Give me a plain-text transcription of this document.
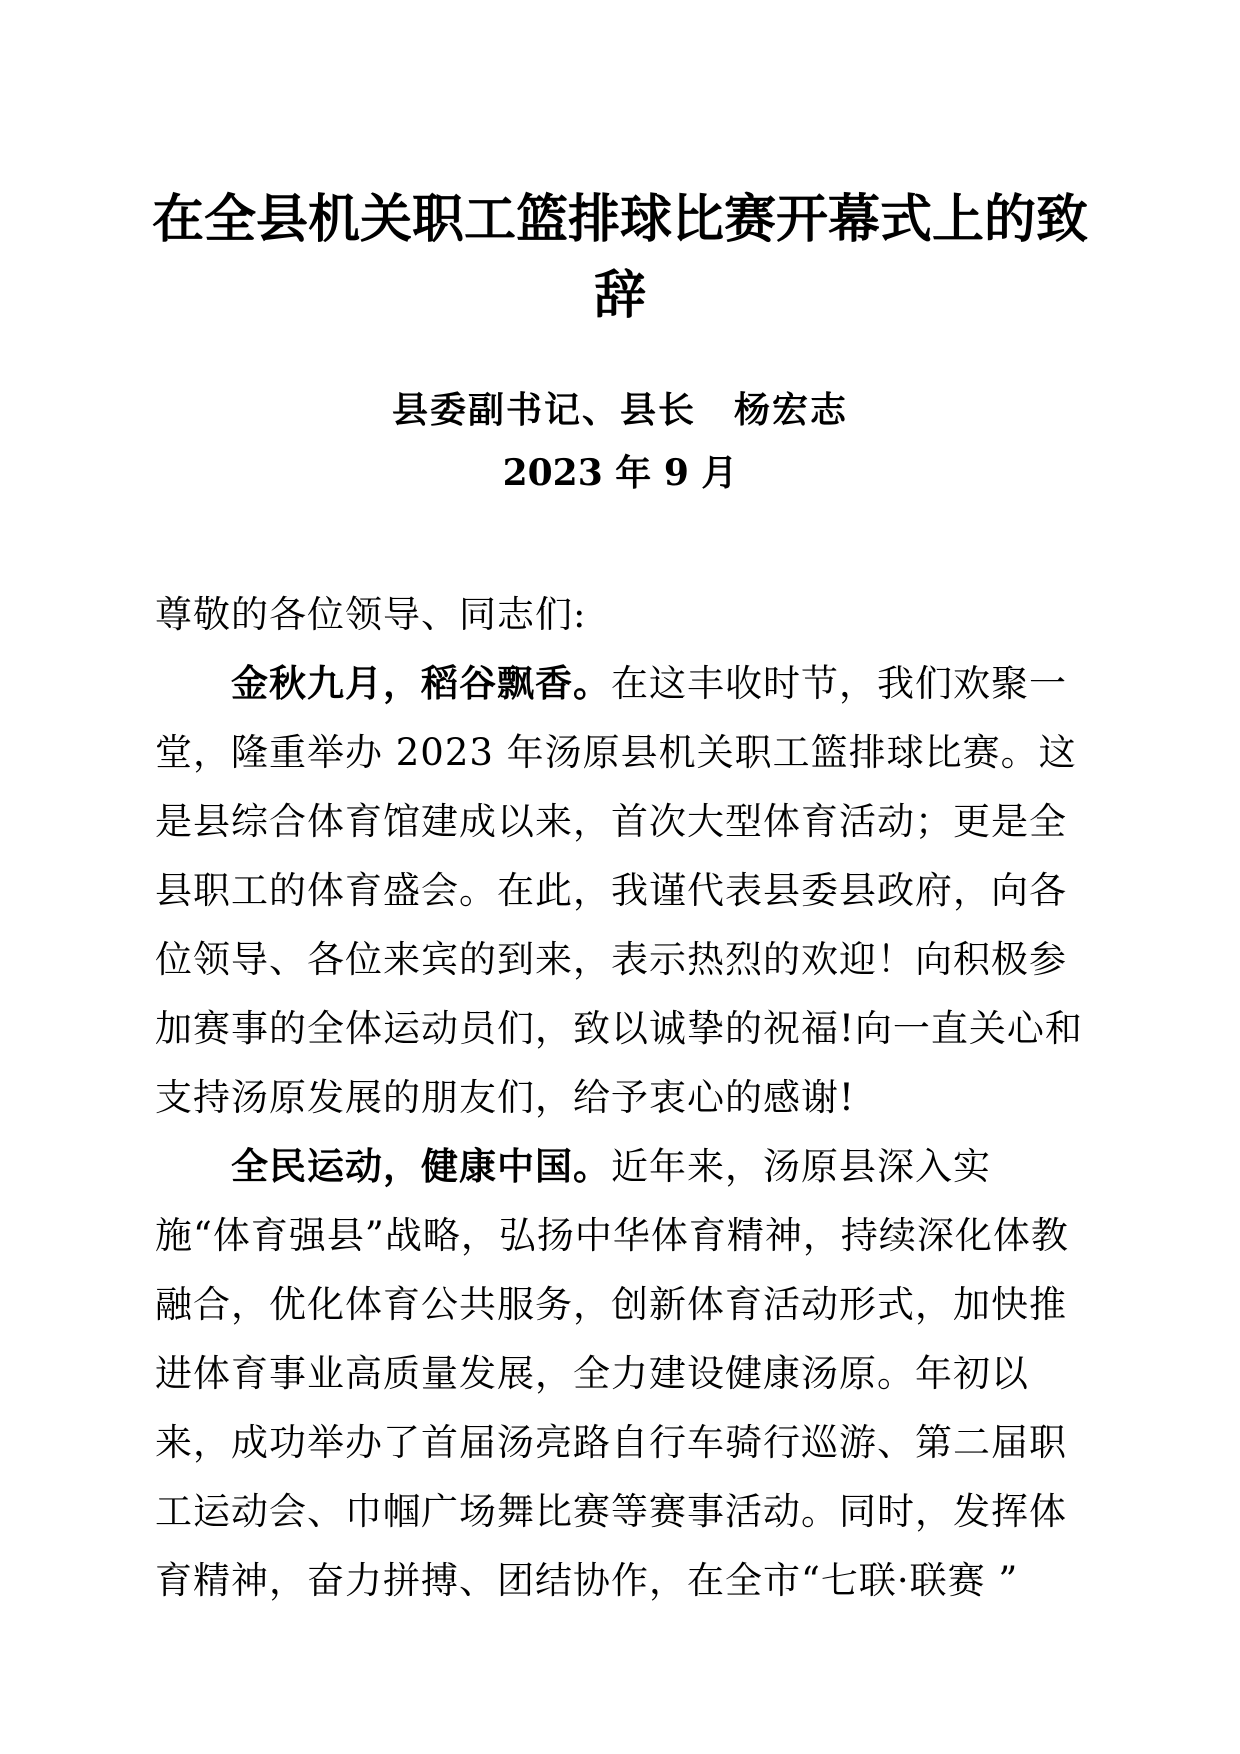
在全县机关职工篮排球比赛开幕式上的致辞
县委副书记、县长　杨宏志
2023 年 9 月

尊敬的各位领导、同志们:

金秋九月，稻谷飘香。在这丰收时节，我们欢聚一堂，隆重举办 2023 年汤原县机关职工篮排球比赛。这是县综合体育馆建成以来，首次大型体育活动；更是全县职工的体育盛会。在此，我谨代表县委县政府，向各位领导、各位来宾的到来，表示热烈的欢迎！向积极参加赛事的全体运动员们，致以诚挚的祝福!向一直关心和支持汤原发展的朋友们，给予衷心的感谢!

全民运动，健康中国。近年来，汤原县深入实施“体育强县”战略，弘扬中华体育精神，持续深化体教融合，优化体育公共服务，创新体育活动形式，加快推进体育事业高质量发展，全力建设健康汤原。年初以来，成功举办了首届汤亮路自行车骑行巡游、第二届职工运动会、巾帼广场舞比赛等赛事活动。同时，发挥体育精神，奋力拼搏、团结协作，在全市“七联·联赛 ”
